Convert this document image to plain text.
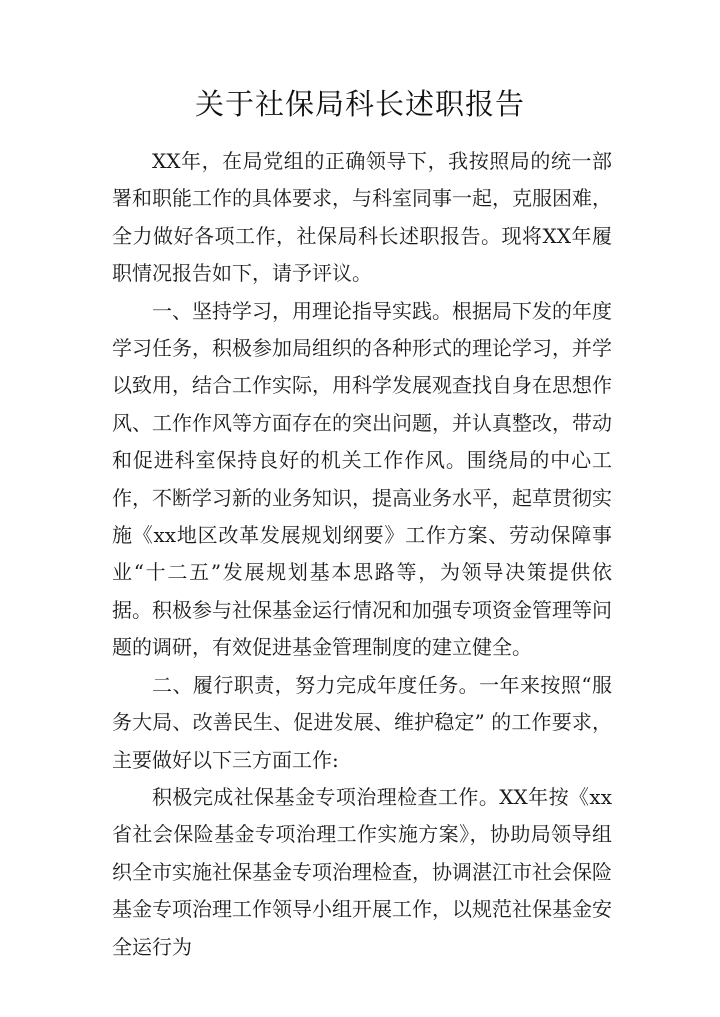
关于社保局科长述职报告

XX年，在局党组的正确领导下，我按照局的统一部署和职能工作的具体要求，与科室同事一起，克服困难，全力做好各项工作，社保局科长述职报告。现将XX年履职情况报告如下，请予评议。

一、坚持学习，用理论指导实践。根据局下发的年度学习任务，积极参加局组织的各种形式的理论学习，并学以致用，结合工作实际，用科学发展观查找自身在思想作风、工作作风等方面存在的突出问题，并认真整改，带动和促进科室保持良好的机关工作作风。围绕局的中心工作，不断学习新的业务知识，提高业务水平，起草贯彻实施《xx地区改革发展规划纲要》工作方案、劳动保障事业“十二五”发展规划基本思路等，为领导决策提供依据。积极参与社保基金运行情况和加强专项资金管理等问题的调研，有效促进基金管理制度的建立健全。

二、履行职责，努力完成年度任务。一年来按照“服务大局、改善民生、促进发展、维护稳定” 的工作要求，主要做好以下三方面工作:

积极完成社保基金专项治理检查工作。XX年按《xx省社会保险基金专项治理工作实施方案》，协助局领导组织全市实施社保基金专项治理检查，协调湛江市社会保险基金专项治理工作领导小组开展工作，以规范社保基金安全运行为
